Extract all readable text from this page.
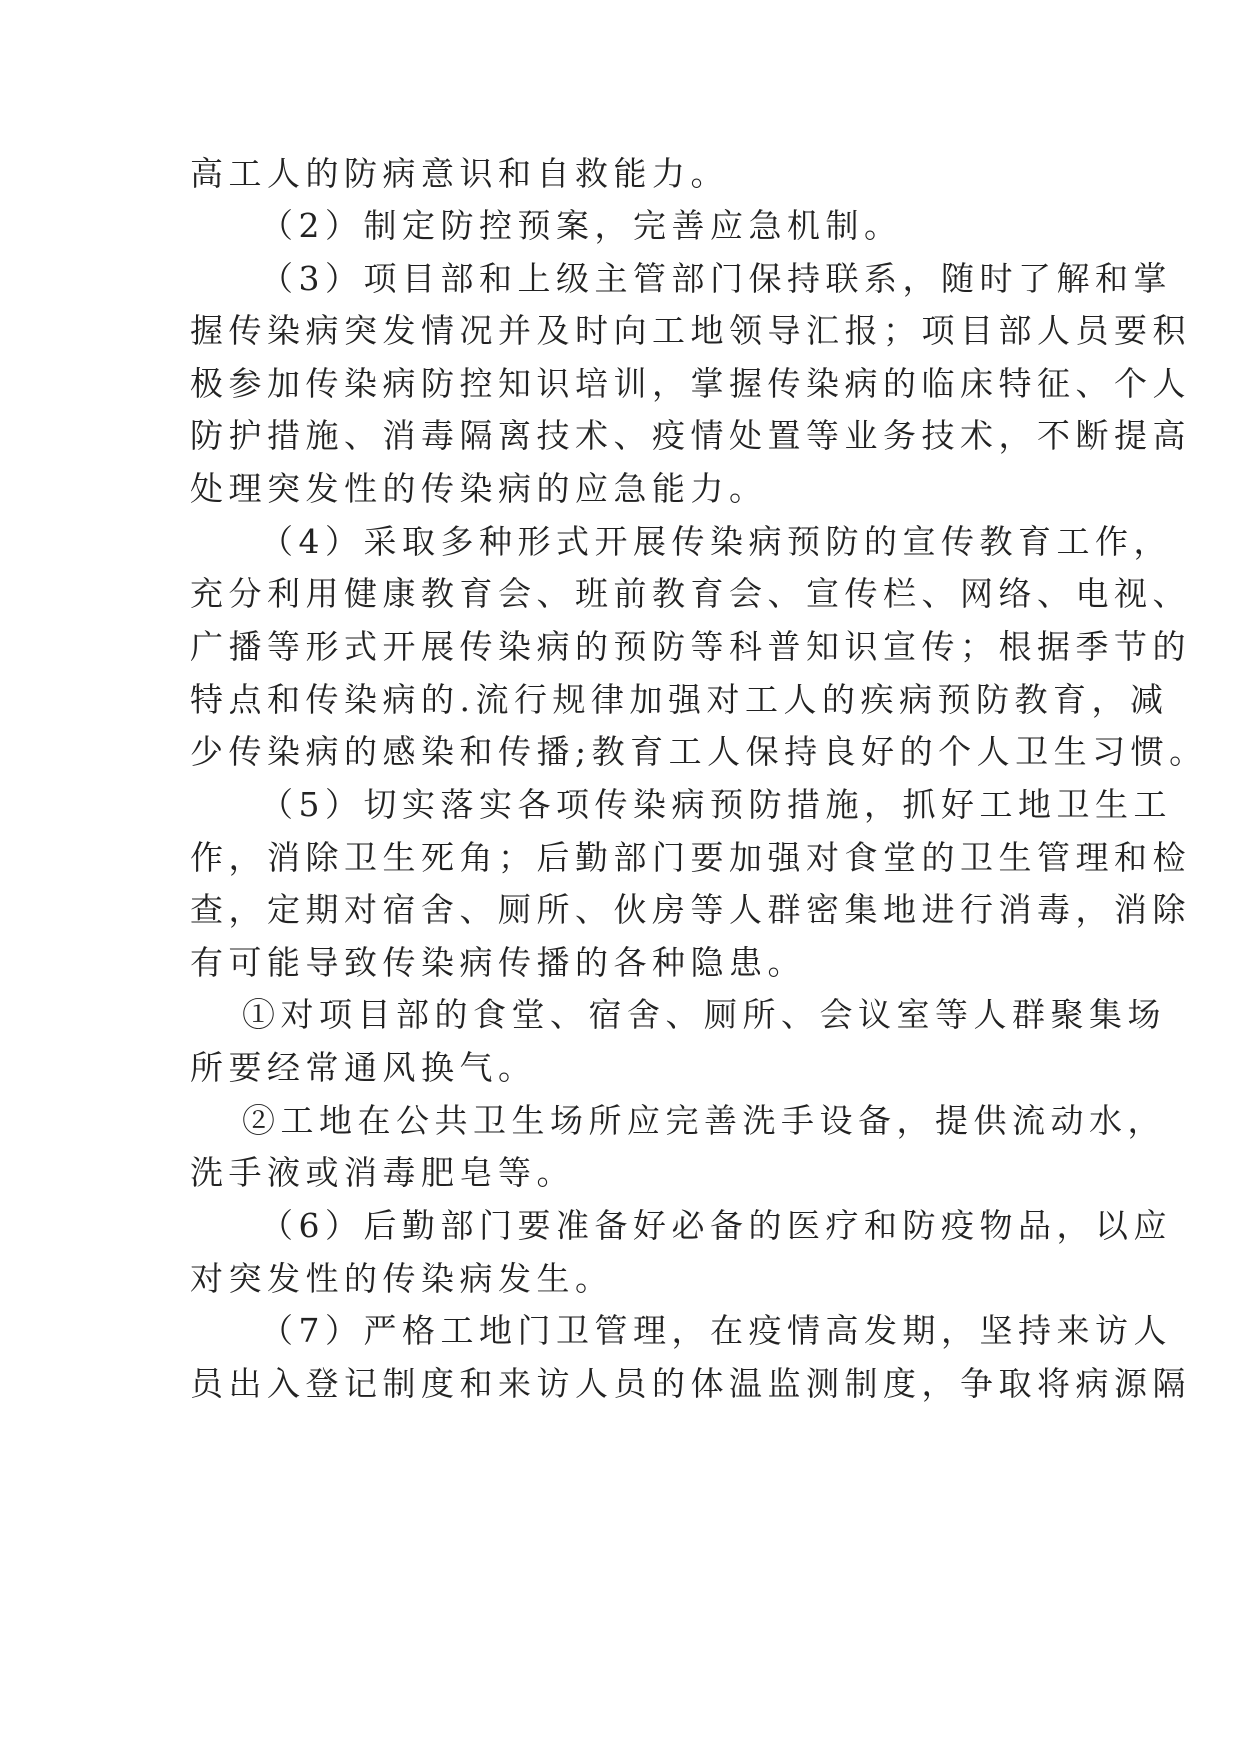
高工人的防病意识和自救能力。
（2）制定防控预案，完善应急机制。
（3）项目部和上级主管部门保持联系，随时了解和掌
握传染病突发情况并及时向工地领导汇报；项目部人员要积
极参加传染病防控知识培训，掌握传染病的临床特征、个人
防护措施、消毒隔离技术、疫情处置等业务技术，不断提高
处理突发性的传染病的应急能力。
（4）采取多种形式开展传染病预防的宣传教育工作，
充分利用健康教育会、班前教育会、宣传栏、网络、电视、
广播等形式开展传染病的预防等科普知识宣传；根据季节的
特点和传染病的.流行规律加强对工人的疾病预防教育，减
少传染病的感染和传播;教育工人保持良好的个人卫生习惯。
（5）切实落实各项传染病预防措施，抓好工地卫生工
作，消除卫生死角；后勤部门要加强对食堂的卫生管理和检
查，定期对宿舍、厕所、伙房等人群密集地进行消毒，消除
有可能导致传染病传播的各种隐患。
①对项目部的食堂、宿舍、厕所、会议室等人群聚集场
所要经常通风换气。
②工地在公共卫生场所应完善洗手设备，提供流动水，
洗手液或消毒肥皂等。
（6）后勤部门要准备好必备的医疗和防疫物品，以应
对突发性的传染病发生。
（7）严格工地门卫管理，在疫情高发期，坚持来访人
员出入登记制度和来访人员的体温监测制度，争取将病源隔
